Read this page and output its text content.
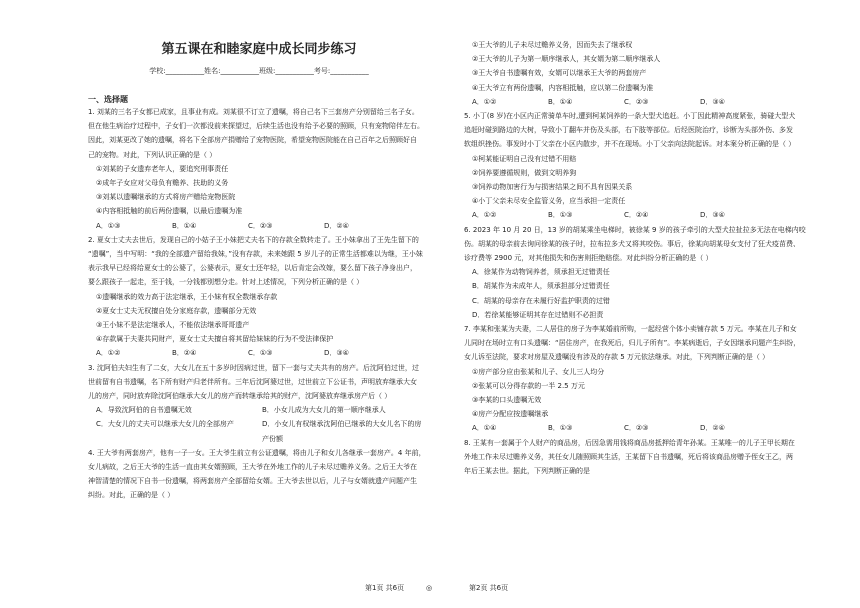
第五课在和睦家庭中成长同步练习
学校:___________姓名:___________班级:___________考号:___________
一、选择题
1. 刘某的三名子女都已成家，且事业有成。刘某很不订立了遗嘱，将自己名下三套房产分别留给三名子女。
但在他生病治疗过程中，子女们一次都没前来探望过，后续生活也没有给予必要的照顾，只有宠物陪伴左右。
因此，刘某更改了她的遗嘱，将名下全部房产捐赠给了宠物医院，希望宠物医院能在自己百年之后照顾好自
己的宠物。对此，下列认识正确的是（ ）
①刘某的子女遗弃老年人，要追究刑事责任
②成年子女应对父母负有赡养、扶助的义务
③刘某以遗嘱继承的方式将房产赠给宠物医院
④内容相抵触的前后两份遗嘱，以最后遗嘱为准
A．①③	B．①④	C．②③	D．②④
2. 夏女士丈夫去世后，发现自己的小姑子王小妹把丈夫名下的存款全数转走了。王小妹拿出了王先生留下的
“遗嘱”，当中写明：“我的全部遗产留给我妹，”没有存款，未来她跟 5 岁儿子的正常生活都难以为继，王小妹
表示我早已经将给夏女士的公婆了，公婆表示，夏女士还年轻，以后肯定会改嫁，要么留下孩子净身出户，
要么跟孩子一起走，至于钱，一分钱都别想分走。针对上述情况，下列分析正确的是（ ）
①遗嘱继承的效力高于法定继承，王小妹有权全数继承存款
②夏女士丈夫无权擅自处分家庭存款，遗嘱部分无效
③王小妹不是法定继承人，不能依法继承哥哥遗产
④存款属于夫妻共同财产，夏女士丈夫擅自将其留给妹妹的行为不受法律保护
A．①②	B．②④	C．①③	D．③④
3. 沈阿伯夫妇生有了二女，大女儿在五十多岁时因病过世，留下一套与丈夫共有的房产。后沈阿伯过世，过
世前留有自书遗嘱，名下所有财产归老伴所有。三年后沈阿婆过世，过世前立下公证书，声明放弃继承大女
儿的房产，同时放弃除沈阿伯继承大女儿的房产而转继承给其的财产，沈阿婆放弃继承房产后（ ）
A．导致沈阿伯的自书遗嘱无效	B．小女儿成为大女儿的第一顺序继承人
C．大女儿的丈夫可以继承大女儿的全部房产	D．小女儿有权继承沈阿伯已继承的大女儿名下的房产份额
4. 王大爷有两套房产，他有一子一女。王大爷生前立有公证遗嘱，将由儿子和女儿各继承一套房产。4 年前，
女儿病故，之后王大爷的生活一直由其女婿照顾，王大爷在外地工作的儿子未尽过赡养义务。之后王大爷在
神智清楚的情况下自书一份遗嘱，将两套房产全部留给女婿。王大爷去世以后，儿子与女婿就遗产问题产生
纠纷。对此，正确的是（ ）
①王大爷的儿子未尽过赡养义务，因而失去了继承权
②王大爷的儿子为第一顺序继承人，其女婿为第二顺序继承人
③王大爷自书遗嘱有效，女婿可以继承王大爷的两套房产
④王大爷立有两份遗嘱，内容相抵触，应以第二份遗嘱为准
A．①②	B．①④	C．②③	D．③④
5. 小丁(8 岁)在小区内正常骑单车时,遭到柯某饲养的一条大型犬追赶。小丁因此精神高度紧张，骑碰大型犬
追赶时碰到路边的大树，导致小丁翻车并伤及头部，右下肢等部位。后经医院治疗，诊断为头部外伤、多发
软组织挫伤。事发时小丁父亲在小区内散步，并不在现场。小丁父亲向法院起诉。对本案分析正确的是（ ）
①柯某能证明自己没有过错不用赔
②饲养要遵循规则，做到文明养狗
③饲养动物加害行为与损害结果之间不具有因果关系
④小丁父亲未尽安全监管义务，应当承担一定责任
A．①②	B．①③	C．②④	D．③④
6. 2023 年 10 月 20 日，13 岁的胡某乘坐电梯时，被徐某 9 岁的孩子牵引的大型犬拉扯拉多无法在电梯内咬
伤。胡某的母亲前去询问徐某的孩子时，拉布拉多犬又将其咬伤。事后，徐某向胡某母女支付了狂犬疫苗费、
诊疗费等 2900 元，对其他损失和伤害则拒绝赔偿。对此纠纷分析正确的是（ ）
A．徐某作为动物饲养者，须承担无过错责任
B．胡某作为未成年人，须承担部分过错责任
C．胡某的母亲存在未履行好监护职责的过错
D．若徐某能够证明其存在过错则不必担责
7. 李某和张某为夫妻，二人居住的房子为李某婚前所购，一起经营个体小卖铺存款 5 万元。李某在儿子和女
儿同时在场时立有口头遗嘱：“居住房产，在我死后，归儿子所有”。李某病逝后，子女因继承问题产生纠纷，
女儿诉至法院，要求对房屋及遗嘱没有涉及的存款 5 万元依法继承。对此，下列判断正确的是（ ）
①房产部分应由张某和儿子、女儿三人均分
②张某可以分得存款的一半 2.5 万元
③李某的口头遗嘱无效
④房产分配应按遗嘱继承
A．①④	B．①③	C．②③	D．②④
8. 王某有一套属于个人财产的商品房，后因急需用钱将商品房抵押给青年孙某。王某唯一的儿子王甲长期在
外地工作未尽过赡养义务，其任女儿随照顾其生活，王某留下自书遗嘱，死后将该商品房赠予侄女王乙，两
年后王某去世。据此，下列判断正确的是
第1页 共6页	◎	第2页 共6页
